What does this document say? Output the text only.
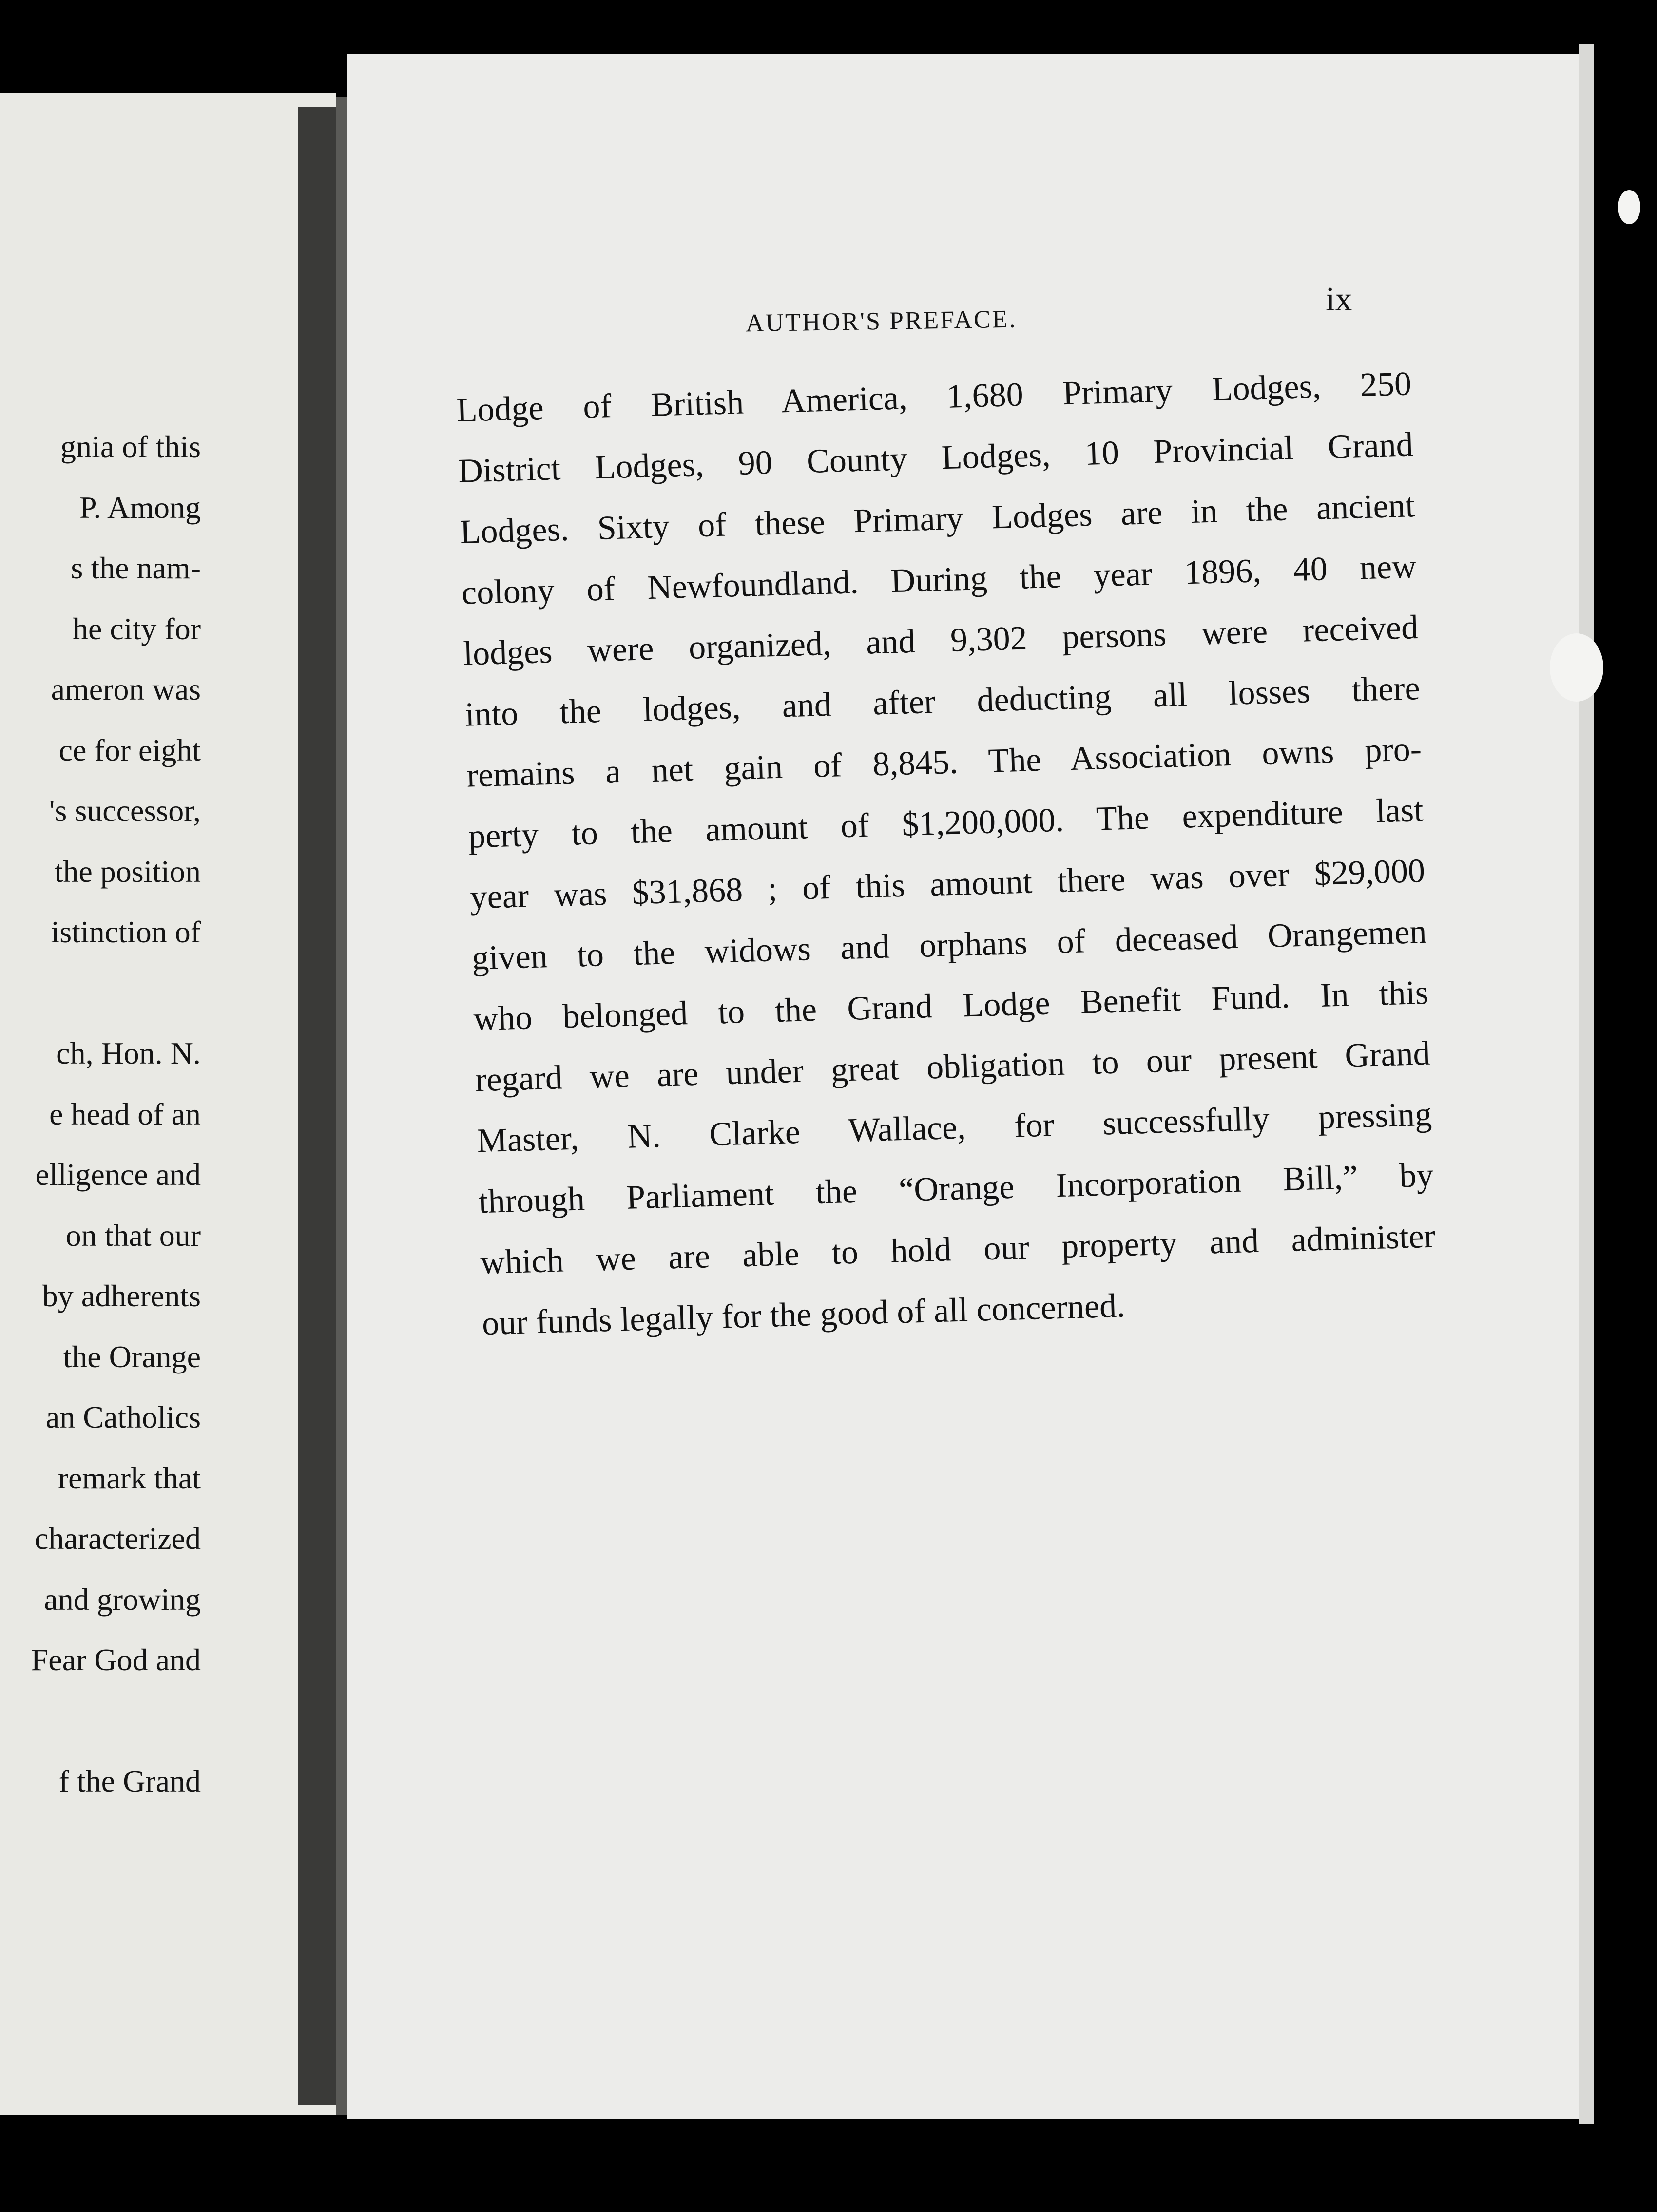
gnia of this
P. Among
s the nam-
he city for
ameron was
ce for eight
's successor,
the position
istinction of
ch, Hon. N.
e head of an
elligence and
on that our
by adherents
the Orange
an Catholics
remark that
characterized
and growing
Fear God and
f the Grand
AUTHOR'S PREFACE.
ix
Lodge of British America, 1,680 Primary Lodges, 250
District Lodges, 90 County Lodges, 10 Provincial Grand
Lodges. Sixty of these Primary Lodges are in the ancient
colony of Newfoundland. During the year 1896, 40 new
lodges were organized, and 9,302 persons were received
into the lodges, and after deducting all losses there
remains a net gain of 8,845. The Association owns pro-
perty to the amount of $1,200,000. The expenditure last
year was $31,868 ; of this amount there was over $29,000
given to the widows and orphans of deceased Orangemen
who belonged to the Grand Lodge Benefit Fund. In this
regard we are under great obligation to our present Grand
Master, N. Clarke Wallace, for successfully pressing
through Parliament the “Orange Incorporation Bill,” by
which we are able to hold our property and administer
our funds legally for the good of all concerned.
